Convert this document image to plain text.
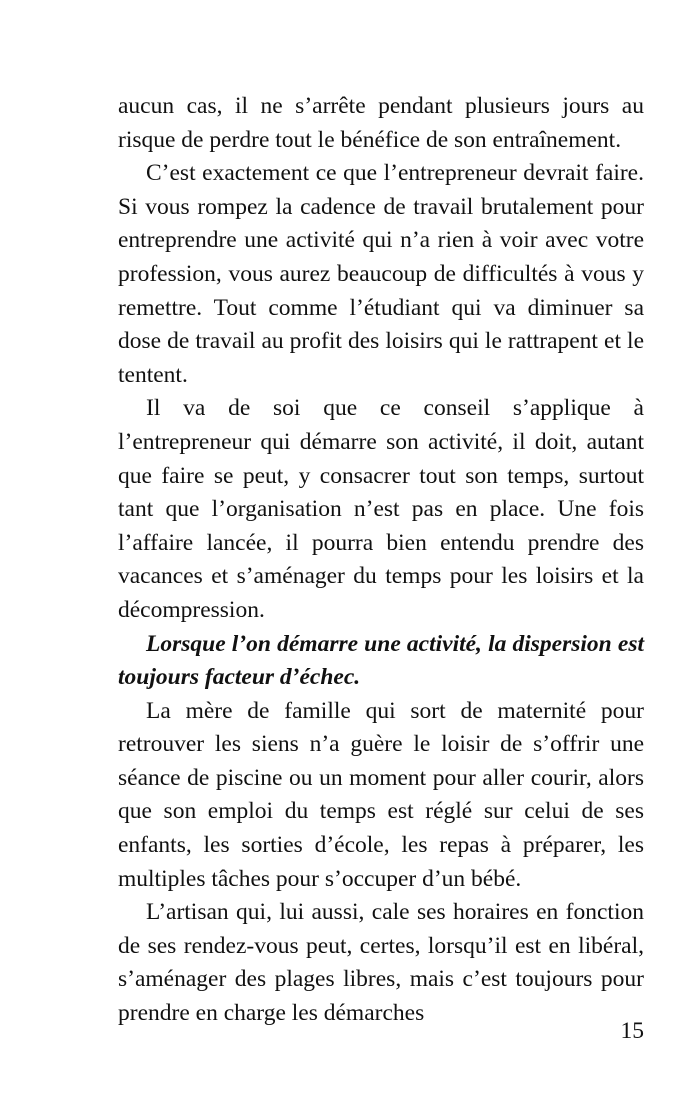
aucun cas, il ne s’arrête pendant plusieurs jours au risque de perdre tout le bénéfice de son entraînement.

C’est exactement ce que l’entrepreneur devrait faire. Si vous rompez la cadence de travail brutalement pour entreprendre une activité qui n’a rien à voir avec votre profession, vous aurez beaucoup de difficultés à vous y remettre. Tout comme l’étudiant qui va diminuer sa dose de travail au profit des loisirs qui le rattrapent et le tentent.

Il va de soi que ce conseil s’applique à l’entrepreneur qui démarre son activité, il doit, autant que faire se peut, y consacrer tout son temps, surtout tant que l’organisation n’est pas en place. Une fois l’affaire lancée, il pourra bien entendu prendre des vacances et s’aménager du temps pour les loisirs et la décompression.

Lorsque l’on démarre une activité, la dispersion est toujours facteur d’échec.

La mère de famille qui sort de maternité pour retrouver les siens n’a guère le loisir de s’offrir une séance de piscine ou un moment pour aller courir, alors que son emploi du temps est réglé sur celui de ses enfants, les sorties d’école, les repas à préparer, les multiples tâches pour s’occuper d’un bébé.

L’artisan qui, lui aussi, cale ses horaires en fonction de ses rendez-vous peut, certes, lorsqu’il est en libéral, s’aménager des plages libres, mais c’est toujours pour prendre en charge les démarches

15
